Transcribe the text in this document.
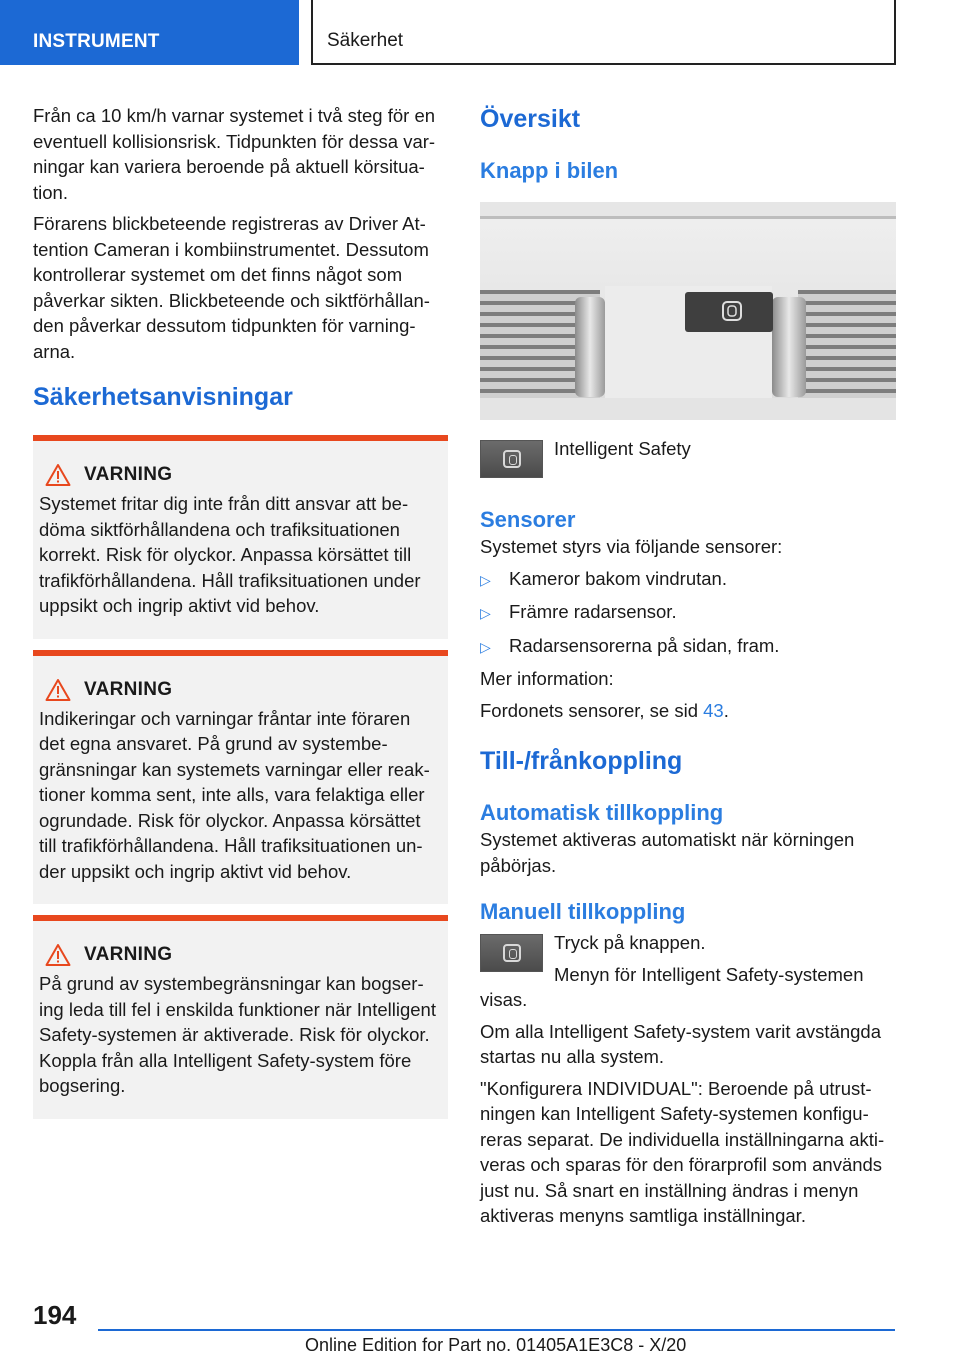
INSTRUMENT	Säkerhet

Från ca 10 km/h varnar systemet i två steg för en eventuell kollisionsrisk. Tidpunkten för dessa varningar kan variera beroende på aktuell körsituation.

Förarens blickbeteende registreras av Driver Attention Cameran i kombiinstrumentet. Dessutom kontrollerar systemet om det finns något som påverkar sikten. Blickbeteende och siktförhållanden påverkar dessutom tidpunkten för varningarna.

Säkerhetsanvisningar
VARNING

Systemet fritar dig inte från ditt ansvar att bedöma siktförhållandena och trafiksituationen korrekt. Risk för olyckor. Anpassa körsättet till trafikförhållandena. Håll trafiksituationen under uppsikt och ingrip aktivt vid behov.

VARNING

Indikeringar och varningar fråntar inte föraren det egna ansvaret. På grund av systembegränsningar kan systemets varningar eller reaktioner komma sent, inte alls, vara felaktiga eller ogrundade. Risk för olyckor. Anpassa körsättet till trafikförhållandena. Håll trafiksituationen under uppsikt och ingrip aktivt vid behov.

VARNING

På grund av systembegränsningar kan bogsering leda till fel i enskilda funktioner när Intelligent Safety-systemen är aktiverade. Risk för olyckor. Koppla från alla Intelligent Safety-system före bogsering.

Översikt
Knapp i bilen

Intelligent Safety

Sensorer

Systemet styrs via följande sensorer:

▷ Kameror bakom vindrutan.
▷ Främre radarsensor.
▷ Radarsensorerna på sidan, fram.

Mer information:

Fordonets sensorer, se sid 43.

Till-/frånkoppling
Automatisk tillkoppling

Systemet aktiveras automatiskt när körningen påbörjas.

Manuell tillkoppling

Tryck på knappen.

Menyn för Intelligent Safety-systemen

visas.

Om alla Intelligent Safety-system varit avstängda startas nu alla system.

"Konfigurera INDIVIDUAL": Beroende på utrustningen kan Intelligent Safety-systemen konfigureras separat. De individuella inställningarna aktiveras och sparas för den förarprofil som används just nu. Så snart en inställning ändras i menyn aktiveras menyns samtliga inställningar.

194
Online Edition for Part no. 01405A1E3C8 - X/20
